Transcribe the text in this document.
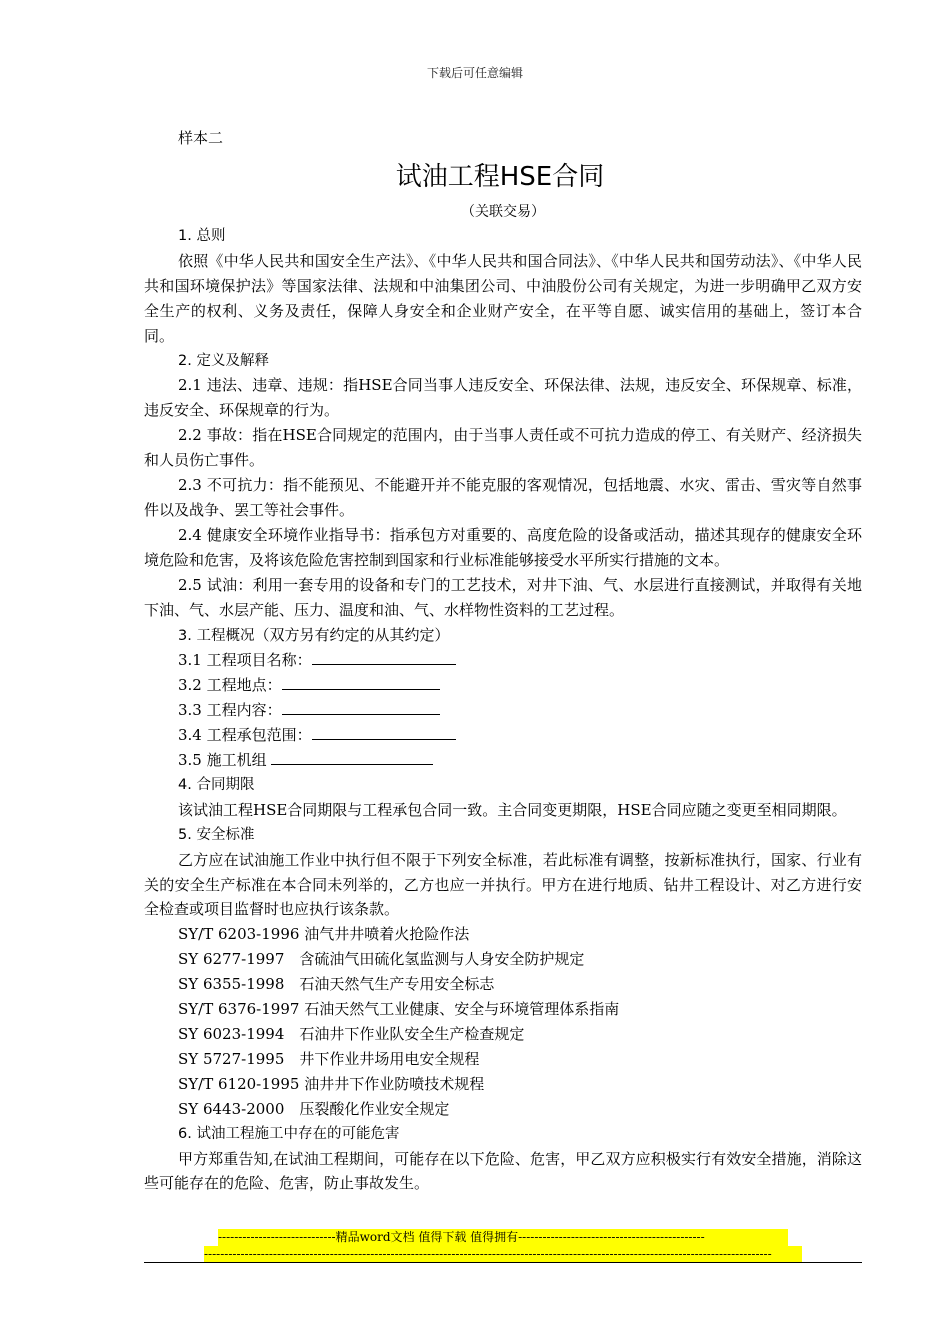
下载后可任意编辑
样本二
试油工程HSE合同
（关联交易）

1. 总则

依照《中华人民共和国安全生产法》、《中华人民共和国合同法》、《中华人民共和国劳动法》、《中华人民共和国环境保护法》等国家法律、法规和中油集团公司、中油股份公司有关规定，为进一步明确甲乙双方安全生产的权利、义务及责任，保障人身安全和企业财产安全，在平等自愿、诚实信用的基础上，签订本合同。

2. 定义及解释

2.1 违法、违章、违规：指HSE合同当事人违反安全、环保法律、法规，违反安全、环保规章、标准，违反安全、环保规章的行为。

2.2 事故：指在HSE合同规定的范围内，由于当事人责任或不可抗力造成的停工、有关财产、经济损失和人员伤亡事件。

2.3 不可抗力：指不能预见、不能避开并不能克服的客观情况，包括地震、水灾、雷击、雪灾等自然事件以及战争、罢工等社会事件。

2.4 健康安全环境作业指导书：指承包方对重要的、高度危险的设备或活动，描述其现存的健康安全环境危险和危害，及将该危险危害控制到国家和行业标准能够接受水平所实行措施的文本。

2.5 试油：利用一套专用的设备和专门的工艺技术，对井下油、气、水层进行直接测试，并取得有关地下油、气、水层产能、压力、温度和油、气、水样物性资料的工艺过程。

3. 工程概况（双方另有约定的从其约定）

3.1 工程项目名称：

3.2 工程地点：

3.3 工程内容：

3.4 工程承包范围：

3.5 施工机组

4. 合同期限

该试油工程HSE合同期限与工程承包合同一致。主合同变更期限，HSE合同应随之变更至相同期限。

5. 安全标准

乙方应在试油施工作业中执行但不限于下列安全标准，若此标准有调整，按新标准执行，国家、行业有关的安全生产标准在本合同未列举的，乙方也应一并执行。甲方在进行地质、钻井工程设计、对乙方进行安全检查或项目监督时也应执行该条款。

SY/T 6203-1996 油气井井喷着火抢险作法

SY 6277-1997　含硫油气田硫化氢监测与人身安全防护规定

SY 6355-1998　石油天然气生产专用安全标志

SY/T 6376-1997 石油天然气工业健康、安全与环境管理体系指南

SY 6023-1994　石油井下作业队安全生产检查规定

SY 5727-1995　井下作业井场用电安全规程

SY/T 6120-1995 油井井下作业防喷技术规程

SY 6443-2000　压裂酸化作业安全规定

6. 试油工程施工中存在的可能危害

甲方郑重告知,在试油工程期间，可能存在以下危险、危害，甲乙双方应积极实行有效安全措施，消除这些可能存在的危险、危害，防止事故发生。

-----------------------------精品word文档 值得下载 值得拥有----------------------------------------------
--------------------------------------------------------------------------------------------------------------------------------------------
